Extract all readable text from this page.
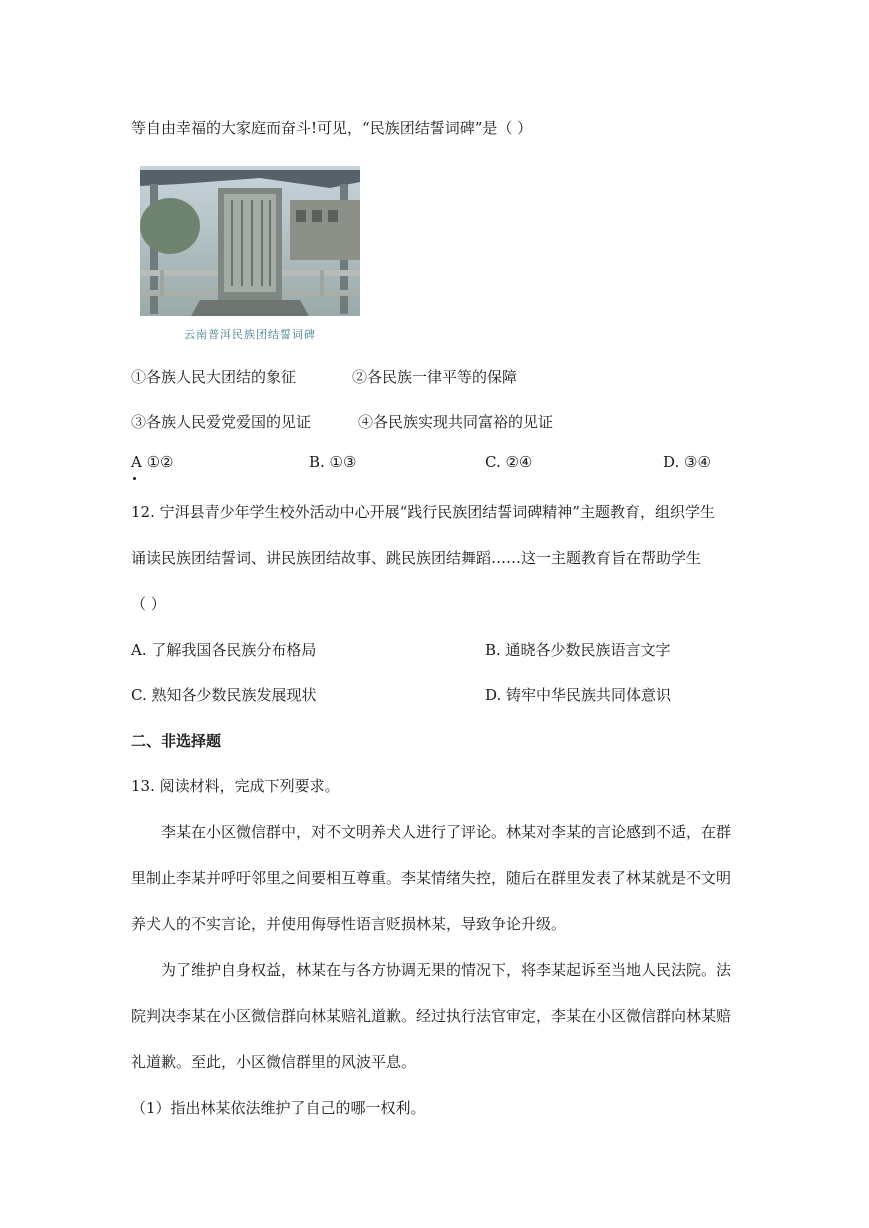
等自由幸福的大家庭而奋斗!可见，“民族团结誓词碑”是（ ）
云南普洱民族团结誓词碑
①各族人民大团结的象征	②各民族一律平等的保障
③各族人民爱党爱国的见证	④各民族实现共同富裕的见证
A ①②	B. ①③	C. ②④	D. ③④
12. 宁洱县青少年学生校外活动中心开展“践行民族团结誓词碑精神”主题教育，组织学生
诵读民族团结誓词、讲民族团结故事、跳民族团结舞蹈……这一主题教育旨在帮助学生
（ ）
A. 了解我国各民族分布格局	B. 通晓各少数民族语言文字
C. 熟知各少数民族发展现状	D. 铸牢中华民族共同体意识
二、非选择题
13. 阅读材料，完成下列要求。
李某在小区微信群中，对不文明养犬人进行了评论。林某对李某的言论感到不适，在群
里制止李某并呼吁邻里之间要相互尊重。李某情绪失控，随后在群里发表了林某就是不文明
养犬人的不实言论，并使用侮辱性语言贬损林某，导致争论升级。
为了维护自身权益，林某在与各方协调无果的情况下，将李某起诉至当地人民法院。法
院判决李某在小区微信群向林某赔礼道歉。经过执行法官审定，李某在小区微信群向林某赔
礼道歉。至此，小区微信群里的风波平息。
（1）指出林某依法维护了自己的哪一权利。
